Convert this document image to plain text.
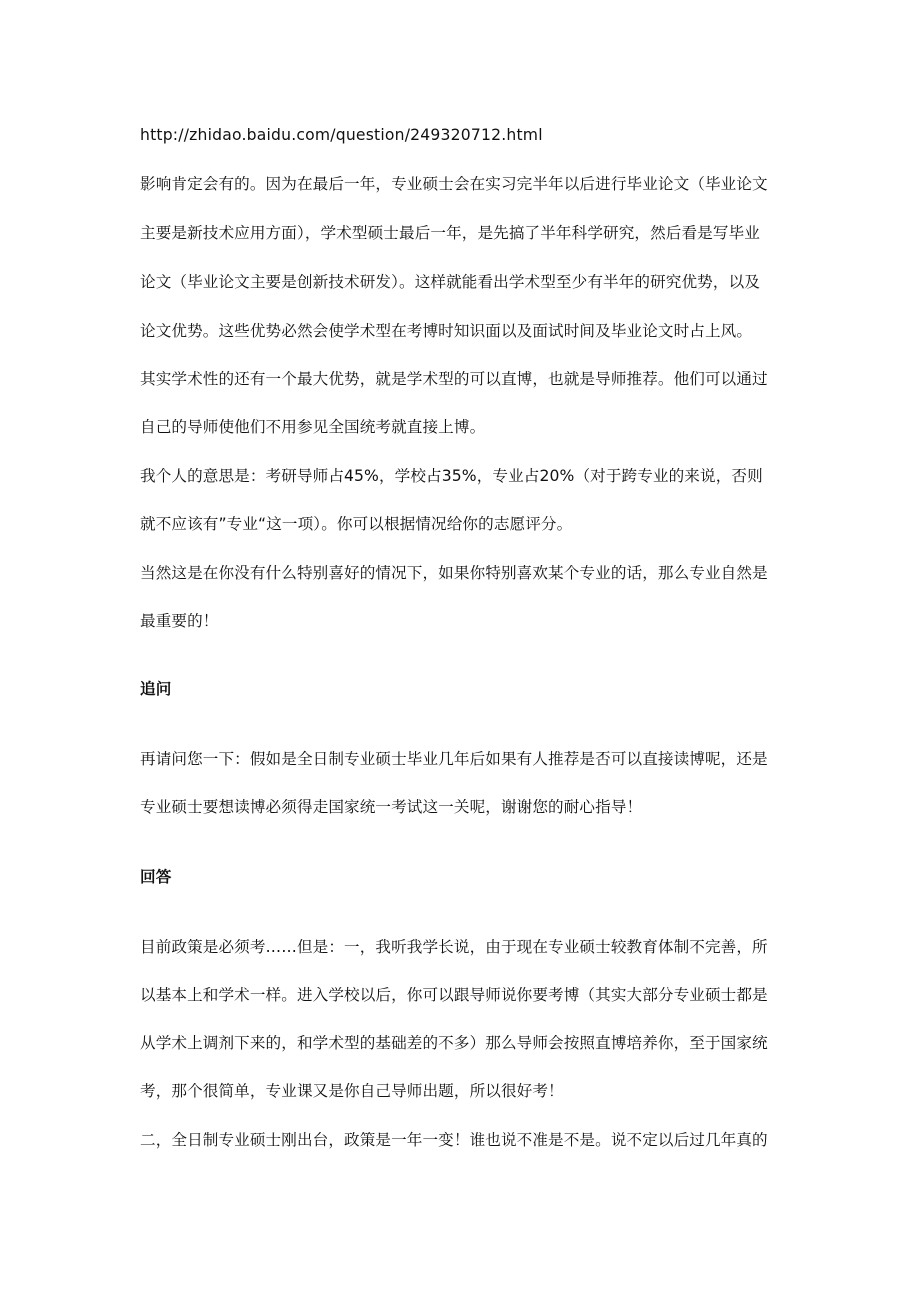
http://zhidao.baidu.com/question/249320712.html
影响肯定会有的。因为在最后一年，专业硕士会在实习完半年以后进行毕业论文（毕业论文
主要是新技术应用方面），学术型硕士最后一年，是先搞了半年科学研究，然后看是写毕业
论文（毕业论文主要是创新技术研发）。这样就能看出学术型至少有半年的研究优势，以及
论文优势。这些优势必然会使学术型在考博时知识面以及面试时间及毕业论文时占上风。
其实学术性的还有一个最大优势，就是学术型的可以直博，也就是导师推荐。他们可以通过
自己的导师使他们不用参见全国统考就直接上博。
我个人的意思是：考研导师占45%，学校占35%，专业占20%（对于跨专业的来说，否则
就不应该有”专业“这一项）。你可以根据情况给你的志愿评分。
当然这是在你没有什么特别喜好的情况下，如果你特别喜欢某个专业的话，那么专业自然是
最重要的！
追问
再请问您一下：假如是全日制专业硕士毕业几年后如果有人推荐是否可以直接读博呢，还是
专业硕士要想读博必须得走国家统一考试这一关呢，谢谢您的耐心指导！
回答
目前政策是必须考……但是：一，我听我学长说，由于现在专业硕士较教育体制不完善，所
以基本上和学术一样。进入学校以后，你可以跟导师说你要考博（其实大部分专业硕士都是
从学术上调剂下来的，和学术型的基础差的不多）那么导师会按照直博培养你，至于国家统
考，那个很简单，专业课又是你自己导师出题，所以很好考！
二，全日制专业硕士刚出台，政策是一年一变！谁也说不准是不是。说不定以后过几年真的
